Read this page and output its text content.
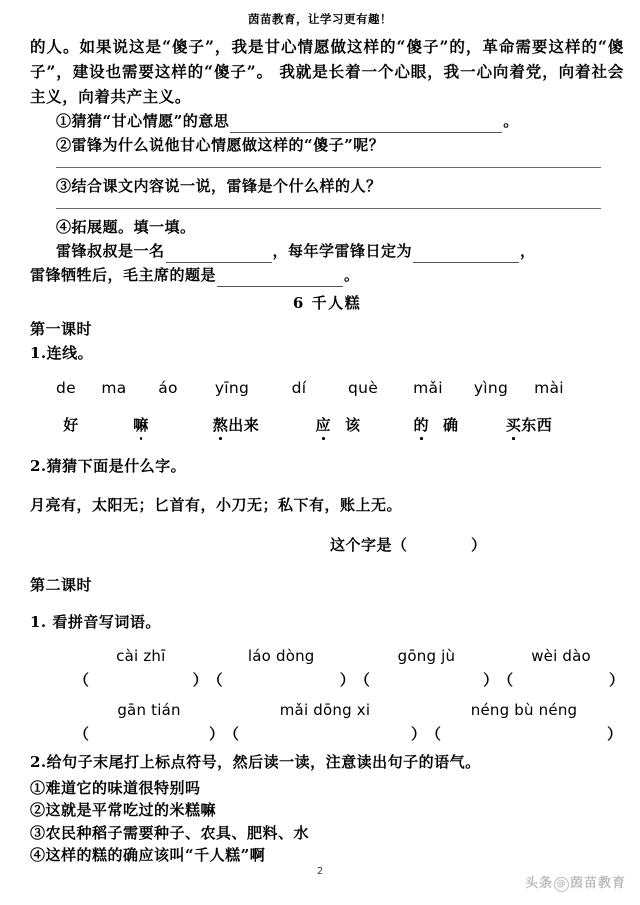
茵苗教育，让学习更有趣！
的人。如果说这是“傻子”，我是甘心情愿做这样的“傻子”的，革命需要这样的“傻子”，建设也需要这样的“傻子”。 我就是长着一个心眼，我一心向着党，向着社会主义，向着共产主义。
①猜猜“甘心情愿”的意思	。
②雷锋为什么说他甘心情愿做这样的“傻子”呢？
③结合课文内容说一说，雷锋是个什么样的人？
④拓展题。填一填。
雷锋叔叔是一名	，每年学雷锋日定为	，
雷锋牺牲后，毛主席的题是	。
6 千人糕
第一课时
1.连线。
de	ma	áo	yīng	dí	què	mǎi	yìng	mài
好	嘛	熬出来	应 该	的 确	买东西
2.猜猜下面是什么字。
月亮有，太阳无；匕首有，小刀无；私下有，账上无。
这个字是（	）
第二课时
1. 看拼音写词语。
cài zhī	láo dòng	gōng jù	wèi dào
（	） （	） （	） （	）
gān tián	mǎi dōng xi	néng bù néng
（	） （	） （	）
2.给句子末尾打上标点符号，然后读一读，注意读出句子的语气。
①难道它的味道很特别吗
②这就是平常吃过的米糕嘛
③农民种稻子需要种子、农具、肥料、水
④这样的糕的确应该叫“千人糕”啊
2
头条 @ 茵苗教育
